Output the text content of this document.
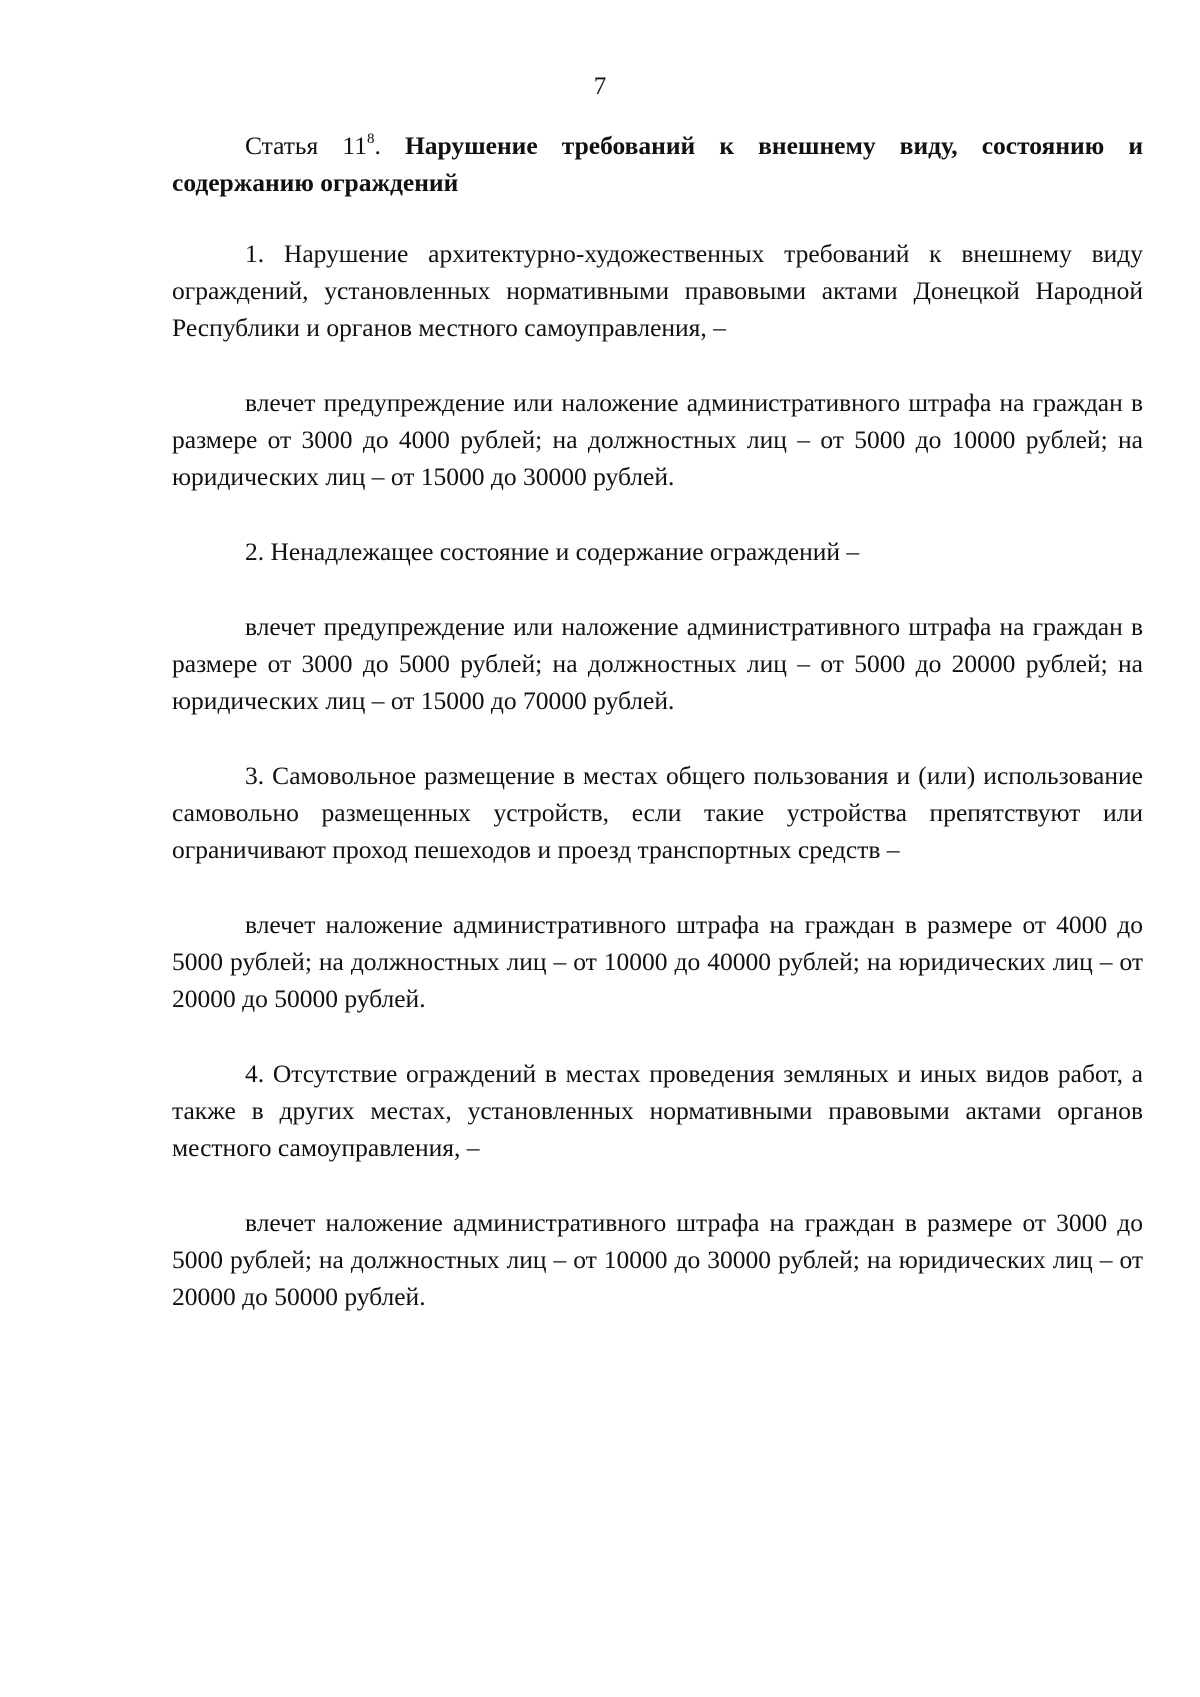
7

Статья $11^8$. Нарушение требований к внешнему виду, состоянию и содержанию ограждений

1. Нарушение архитектурно-художественных требований к внешнему виду ограждений, установленных нормативными правовыми актами Донецкой Народной Республики и органов местного самоуправления, –

влечет предупреждение или наложение административного штрафа на граждан в размере от 3000 до 4000 рублей; на должностных лиц – от 5000 до 10000 рублей; на юридических лиц – от 15000 до 30000 рублей.

2. Ненадлежащее состояние и содержание ограждений –

влечет предупреждение или наложение административного штрафа на граждан в размере от 3000 до 5000 рублей; на должностных лиц – от 5000 до 20000 рублей; на юридических лиц – от 15000 до 70000 рублей.

3. Самовольное размещение в местах общего пользования и (или) использование самовольно размещенных устройств, если такие устройства препятствуют или ограничивают проход пешеходов и проезд транспортных средств –

влечет наложение административного штрафа на граждан в размере от 4000 до 5000 рублей; на должностных лиц – от 10000 до 40000 рублей; на юридических лиц – от 20000 до 50000 рублей.

4. Отсутствие ограждений в местах проведения земляных и иных видов работ, а также в других местах, установленных нормативными правовыми актами органов местного самоуправления, –

влечет наложение административного штрафа на граждан в размере от 3000 до 5000 рублей; на должностных лиц – от 10000 до 30000 рублей; на юридических лиц – от 20000 до 50000 рублей.
